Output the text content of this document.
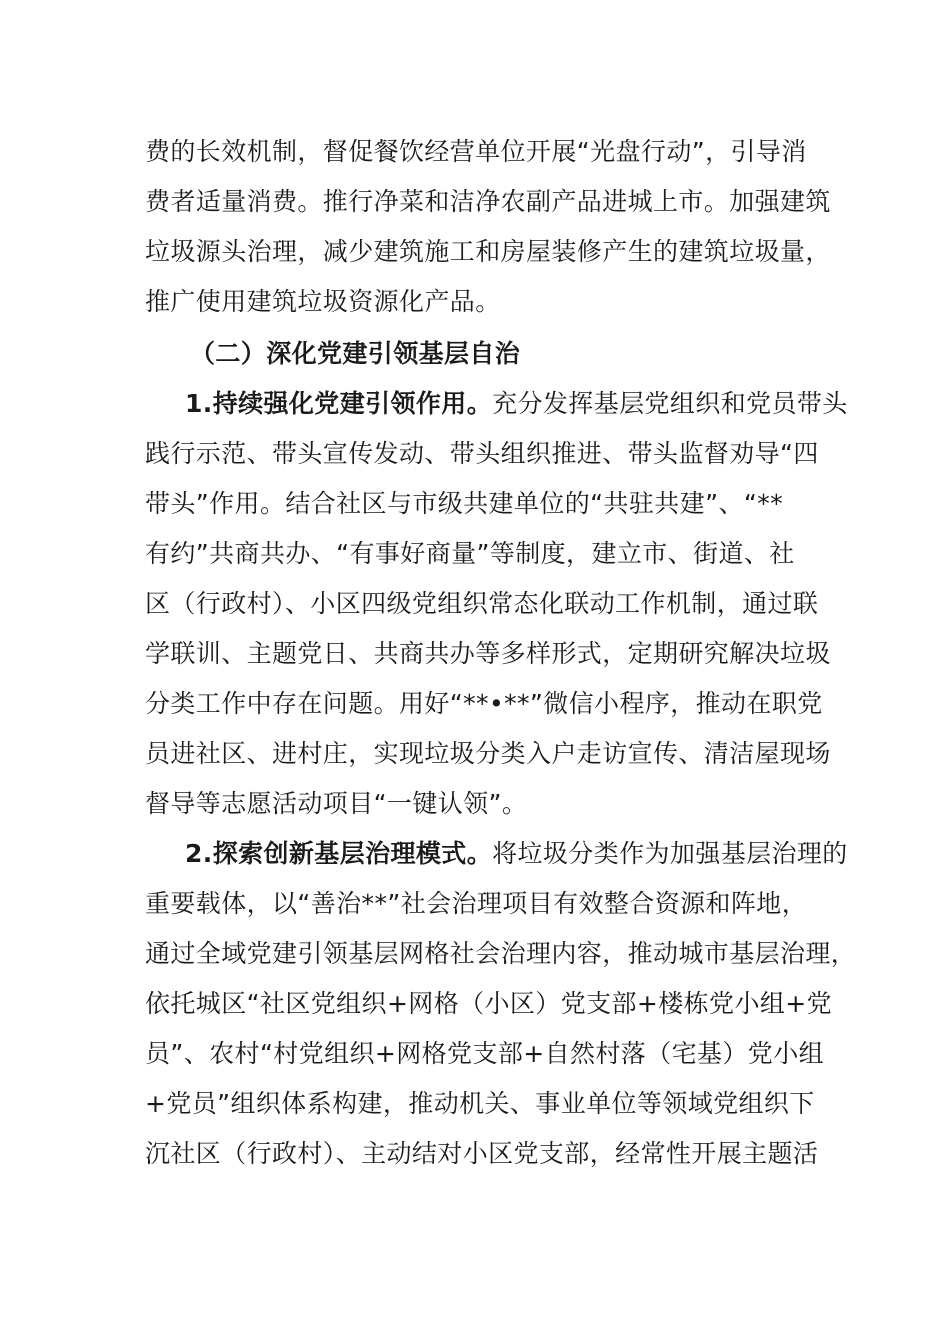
费的长效机制，督促餐饮经营单位开展“光盘行动”，引导消
费者适量消费。推行净菜和洁净农副产品进城上市。加强建筑
垃圾源头治理，减少建筑施工和房屋装修产生的建筑垃圾量，
推广使用建筑垃圾资源化产品。
（二）深化党建引领基层自治
1.持续强化党建引领作用。充分发挥基层党组织和党员带头
践行示范、带头宣传发动、带头组织推进、带头监督劝导“四
带头”作用。结合社区与市级共建单位的“共驻共建”、“**
有约”共商共办、“有事好商量”等制度，建立市、街道、社
区（行政村）、小区四级党组织常态化联动工作机制，通过联
学联训、主题党日、共商共办等多样形式，定期研究解决垃圾
分类工作中存在问题。用好“**•**”微信小程序，推动在职党
员进社区、进村庄，实现垃圾分类入户走访宣传、清洁屋现场
督导等志愿活动项目“一键认领”。
2.探索创新基层治理模式。将垃圾分类作为加强基层治理的
重要载体，以“善治**”社会治理项目有效整合资源和阵地，
通过全域党建引领基层网格社会治理内容，推动城市基层治理，
依托城区“社区党组织+网格（小区）党支部+楼栋党小组+党
员”、农村“村党组织+网格党支部+自然村落（宅基）党小组
+党员”组织体系构建，推动机关、事业单位等领域党组织下
沉社区（行政村）、主动结对小区党支部，经常性开展主题活
